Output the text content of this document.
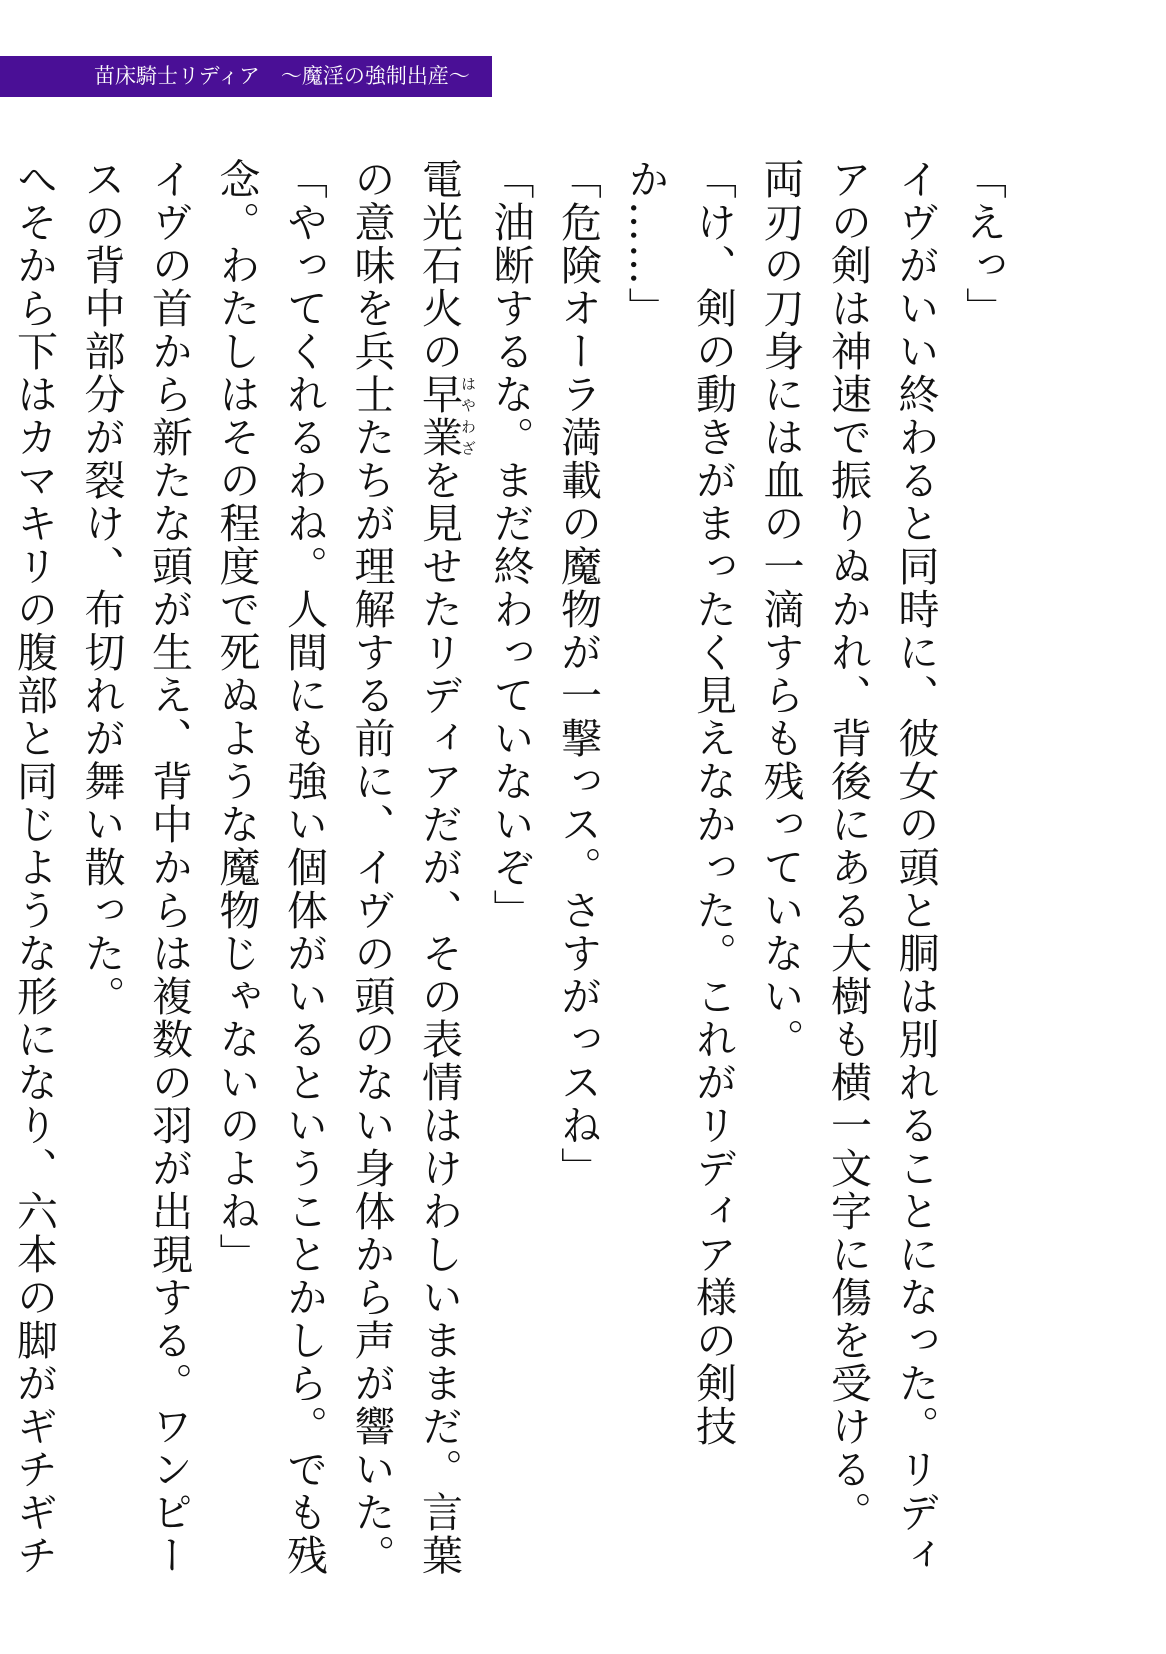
苗床騎士リディア　〜魔淫の強制出産〜

「えっ」

イヴがいい終わると同時に、彼女の頭と胴は別れることになった。リディアの剣は神速で振りぬかれ、背後にある大樹も横一文字に傷を受ける。

両刃の刀身には血の一滴すらも残っていない。

「け、剣の動きがまったく見えなかった。これがリディア様の剣技か……」

「危険オーラ満載の魔物が一撃っス。さすがっスね」

「油断するな。まだ終わっていないぞ」

電光石火の早業はやわざを見せたリディアだが、その表情はけわしいままだ。言葉の意味を兵士たちが理解する前に、イヴの頭のない身体から声が響いた。

「やってくれるわね。人間にも強い個体がいるということかしら。でも残念。わたしはその程度で死ぬような魔物じゃないのよね」

イヴの首から新たな頭が生え、背中からは複数の羽が出現する。ワンピースの背中部分が裂け、布切れが舞い散った。

へそから下はカマキリの腹部と同じような形になり、六本の脚がギチギチ
